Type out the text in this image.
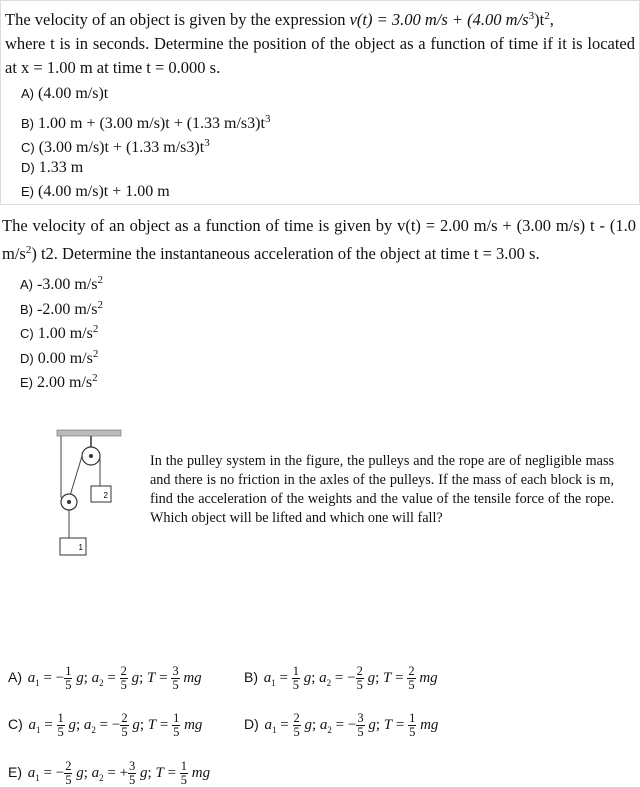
The velocity of an object is given by the expression v(t) = 3.00 m/s + (4.00 $m/s^3)t^2$,
where t is in seconds. Determine the position of the object as a function of time if it is located at x = 1.00 m at time t = 0.000 s.
A) (4.00 m/s)t
B) 1.00 m + (3.00 m/s)t + (1.33 $m/s3)t^3$
C) (3.00 m/s)t + (1.33 $m/s3)t^3$
D) 1.33 m
E) (4.00 m/s)t + 1.00 m
The velocity of an object as a function of time is given by v(t) = 2.00 m/s + (3.00 m/s) t - (1.0 $m/s^2$) t2. Determine the instantaneous acceleration of the object at time t = 3.00 s.
A) -3.00 $m/s^2$
B) -2.00 $m/s^2$
C) 1.00 $m/s^2$
D) 0.00 $m/s^2$
E) 2.00 $m/s^2$
2
1
In the pulley system in the figure, the pulleys and the rope are of negligible mass and there is no friction in the axles of the pulleys. If the mass of each block is m, find the acceleration of the weights and the value of the tensile force of the rope. Which object will be lifted and which one will fall?
A) $a_1$ = − $\frac{1}{5} g$; $a_2 = \frac{2}{5} g$; $T = \frac{3}{5}$ mg	B) $a_1 = \frac{1}{5} g$; $a_2$ = − $\frac{2}{5} g$; $T = \frac{2}{5}$ mg
C) $a_1 = \frac{1}{5} g$; $a_2$ = − $\frac{2}{5} g$; $T = \frac{1}{5}$ mg	D) $a_1 = \frac{2}{5} g$; $a_2$ = − $\frac{3}{5} g$; $T = \frac{1}{5}$ mg
E) $a_1$ = − $\frac{2}{5} g$; $a_2$ = + $\frac{3}{5} g$; $T = \frac{1}{5}$ mg
